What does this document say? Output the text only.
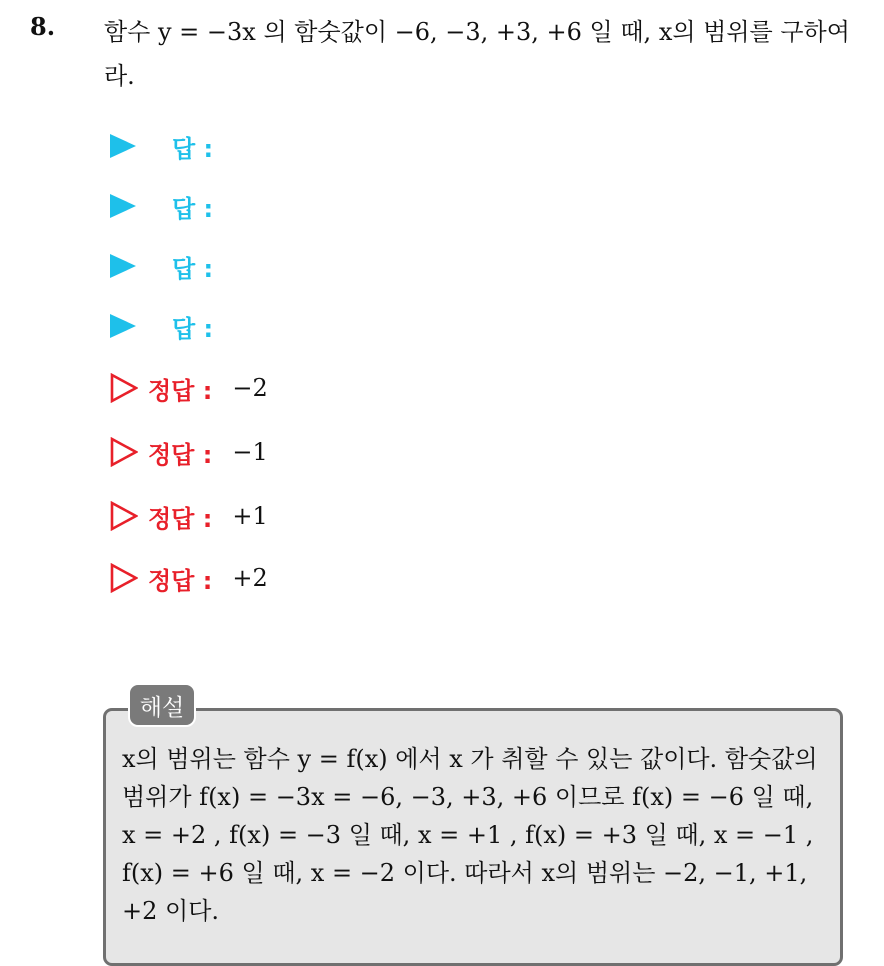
8. 함수 y = −3x 의 함숫값이 −6, −3, +3, +6 일 때, x의 범위를 구하여라.
답 :
답 :
답 :
답 :
정답 : −2
정답 : −1
정답 : +1
정답 : +2
해설
x의 범위는 함수 y = f(x) 에서 x 가 취할 수 있는 값이다. 함숫값의 범위가 f(x) = −3x = −6, −3, +3, +6 이므로 f(x) = −6 일 때, x = +2 , f(x) = −3 일 때, x = +1 , f(x) = +3 일 때, x = −1 , f(x) = +6 일 때, x = −2 이다. 따라서 x의 범위는 −2, −1, +1, +2 이다.
